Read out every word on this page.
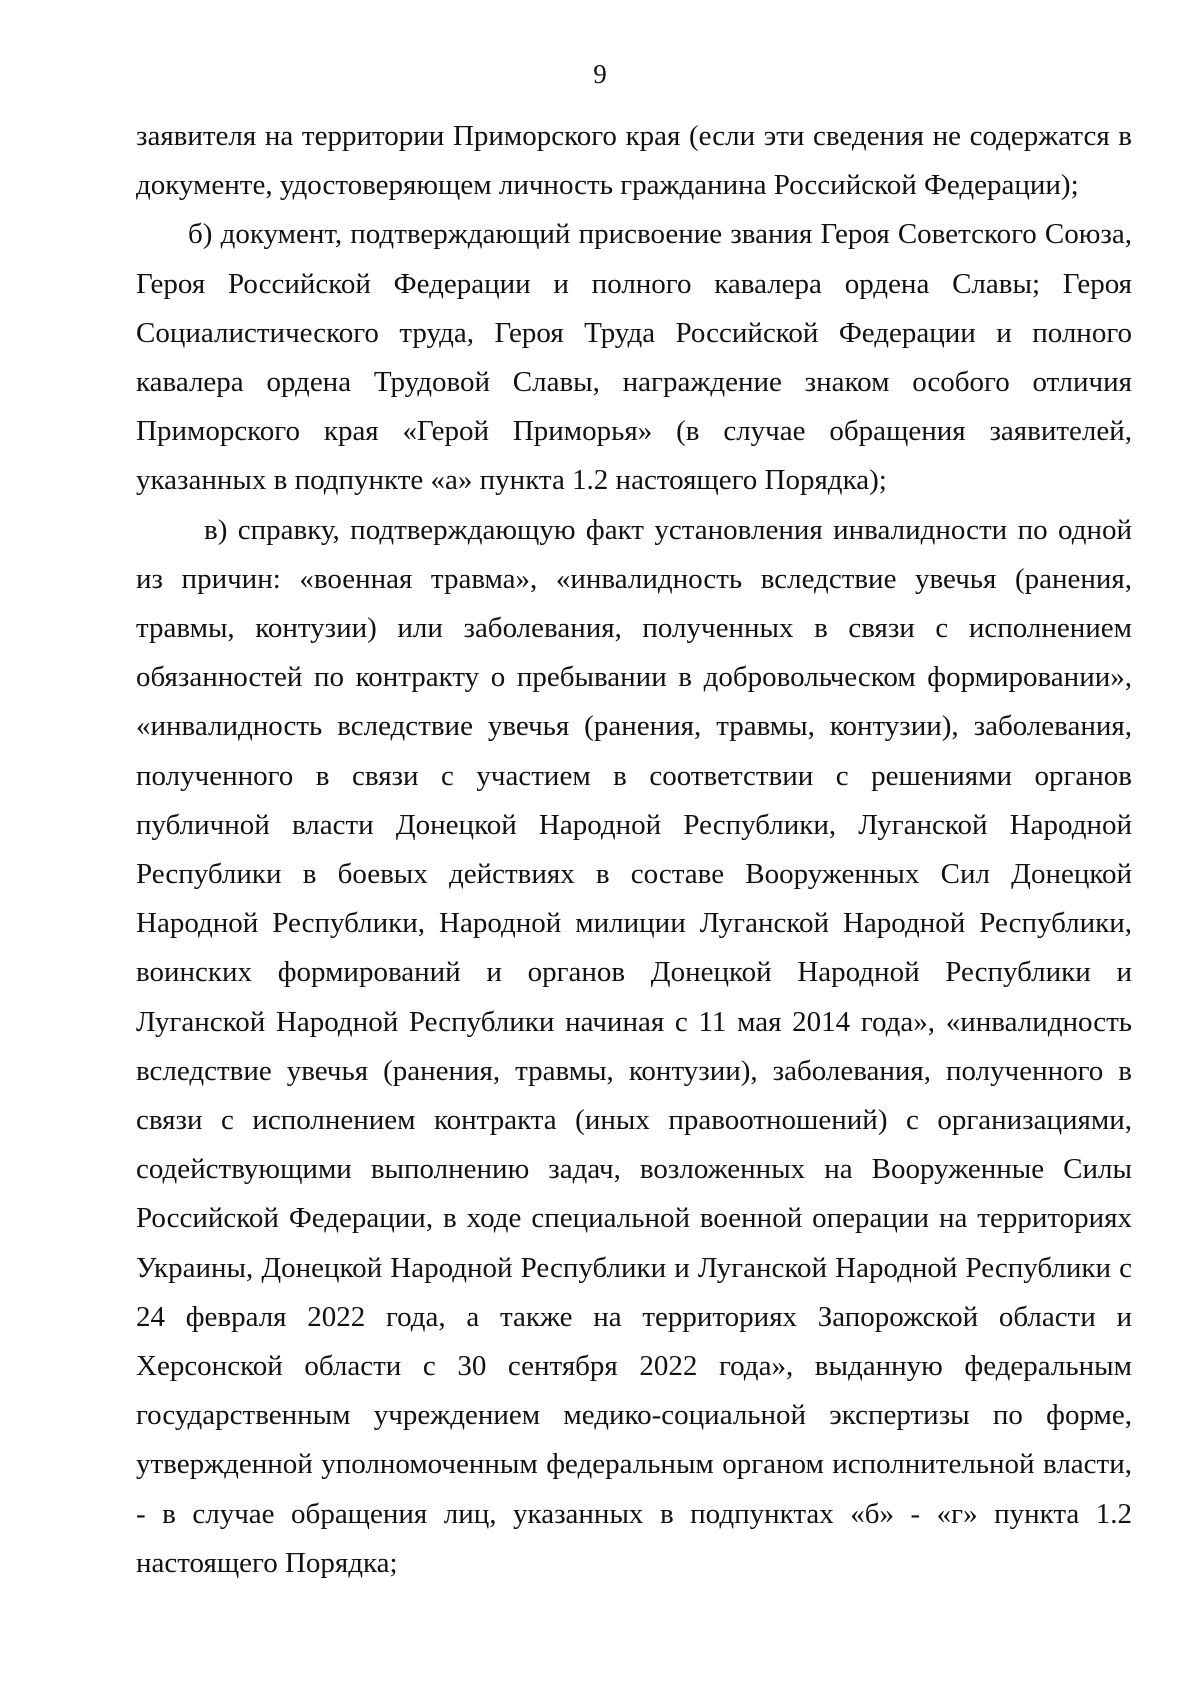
9

заявителя на территории Приморского края (если эти сведения не содержатся в документе, удостоверяющем личность гражданина Российской Федерации);

б) документ, подтверждающий присвоение звания Героя Советского Союза, Героя Российской Федерации и полного кавалера ордена Славы; Героя Социалистического труда, Героя Труда Российской Федерации и полного кавалера ордена Трудовой Славы, награждение знаком особого отличия Приморского края «Герой Приморья» (в случае обращения заявителей, указанных в подпункте «а» пункта 1.2 настоящего Порядка);

в) справку, подтверждающую факт установления инвалидности по одной из причин: «военная травма», «инвалидность вследствие увечья (ранения, травмы, контузии) или заболевания, полученных в связи с исполнением обязанностей по контракту о пребывании в добровольческом формировании», «инвалидность вследствие увечья (ранения, травмы, контузии), заболевания, полученного в связи с участием в соответствии с решениями органов публичной власти Донецкой Народной Республики, Луганской Народной Республики в боевых действиях в составе Вооруженных Сил Донецкой Народной Республики, Народной милиции Луганской Народной Республики, воинских формирований и органов Донецкой Народной Республики и Луганской Народной Республики начиная с 11 мая 2014 года», «инвалидность вследствие увечья (ранения, травмы, контузии), заболевания, полученного в связи с исполнением контракта (иных правоотношений) с организациями, содействующими выполнению задач, возложенных на Вооруженные Силы Российской Федерации, в ходе специальной военной операции на территориях Украины, Донецкой Народной Республики и Луганской Народной Республики с 24 февраля 2022 года, а также на территориях Запорожской области и Херсонской области с 30 сентября 2022 года», выданную федеральным государственным учреждением медико-социальной экспертизы по форме, утвержденной уполномоченным федеральным органом исполнительной власти, - в случае обращения лиц, указанных в подпунктах «б» - «г» пункта 1.2 настоящего Порядка;
